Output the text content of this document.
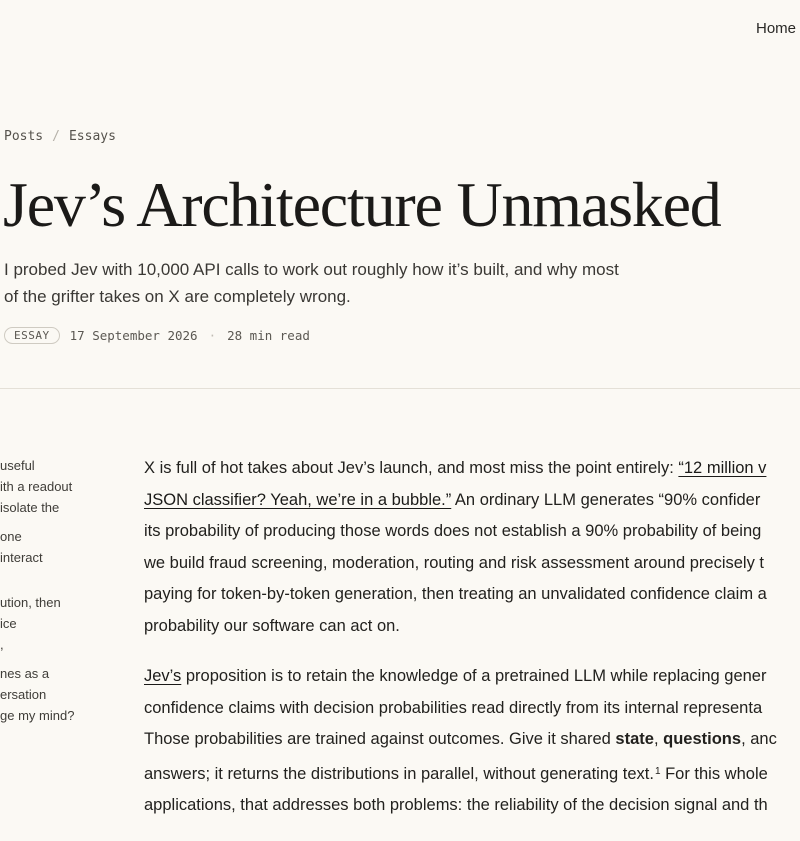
Home
Posts / Essays
Jev’s Architecture Unmasked

I probed Jev with 10,000 API calls to work out roughly how it’s built, and why most of the grifter takes on X are completely wrong.

ESSAY	17 September 2026 · 28 min read
useful
ith a readout
isolate the
one
interact
ution, then
ice
,
nes as a
ersation
ge my mind?

X is full of hot takes about Jev’s launch, and most miss the point entirely: “12 million v
JSON classifier? Yeah, we’re in a bubble.” An ordinary LLM generates “90% confider
its probability of producing those words does not establish a 90% probability of being
we build fraud screening, moderation, routing and risk assessment around precisely t
paying for token-by-token generation, then treating an unvalidated confidence claim a
probability our software can act on.

Jev’s proposition is to retain the knowledge of a pretrained LLM while replacing gener
confidence claims with decision probabilities read directly from its internal representa
Those probabilities are trained against outcomes. Give it shared state, questions, anc
answers; it returns the distributions in parallel, without generating text.$^1$ For this whole
applications, that addresses both problems: the reliability of the decision signal and th
